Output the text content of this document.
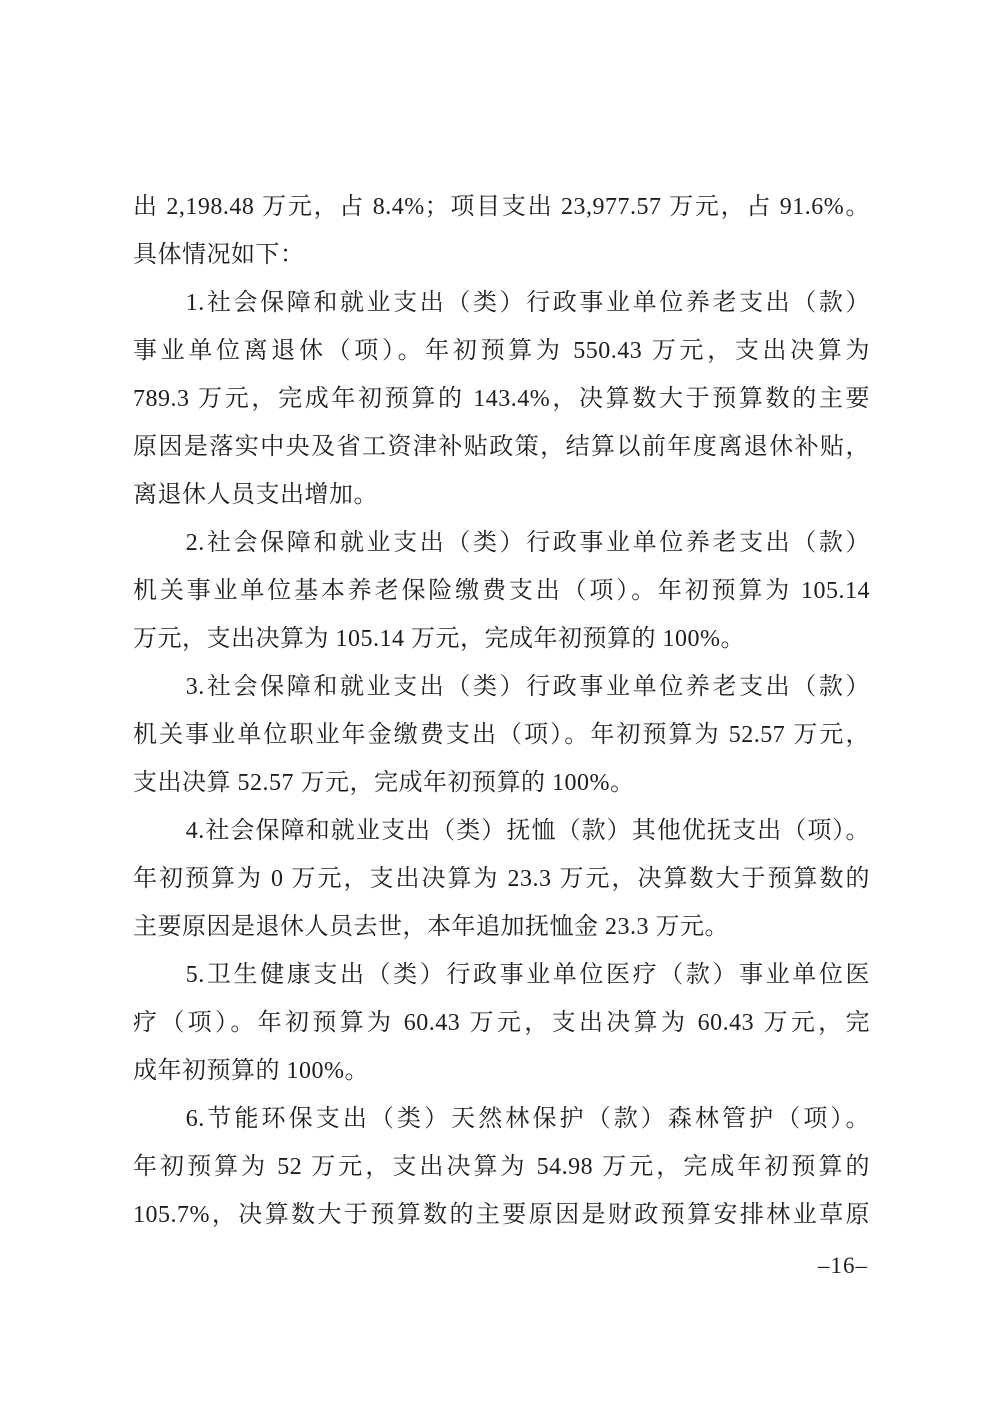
出 2,198.48 万元，占 8.4%；项目支出 23,977.57 万元，占 91.6%。
具体情况如下：
1.社会保障和就业支出（类）行政事业单位养老支出（款）
事业单位离退休（项）。年初预算为 550.43 万元，支出决算为
789.3 万元，完成年初预算的 143.4%，决算数大于预算数的主要
原因是落实中央及省工资津补贴政策，结算以前年度离退休补贴，
离退休人员支出增加。
2.社会保障和就业支出（类）行政事业单位养老支出（款）
机关事业单位基本养老保险缴费支出（项）。年初预算为 105.14
万元，支出决算为 105.14 万元，完成年初预算的 100%。
3.社会保障和就业支出（类）行政事业单位养老支出（款）
机关事业单位职业年金缴费支出（项）。年初预算为 52.57 万元，
支出决算 52.57 万元，完成年初预算的 100%。
4.社会保障和就业支出（类）抚恤（款）其他优抚支出（项）。
年初预算为 0 万元，支出决算为 23.3 万元，决算数大于预算数的
主要原因是退休人员去世，本年追加抚恤金 23.3 万元。
5.卫生健康支出（类）行政事业单位医疗（款）事业单位医
疗（项）。年初预算为 60.43 万元，支出决算为 60.43 万元，完
成年初预算的 100%。
6.节能环保支出（类）天然林保护（款）森林管护（项）。
年初预算为 52 万元，支出决算为 54.98 万元，完成年初预算的
105.7%，决算数大于预算数的主要原因是财政预算安排林业草原
–16–
